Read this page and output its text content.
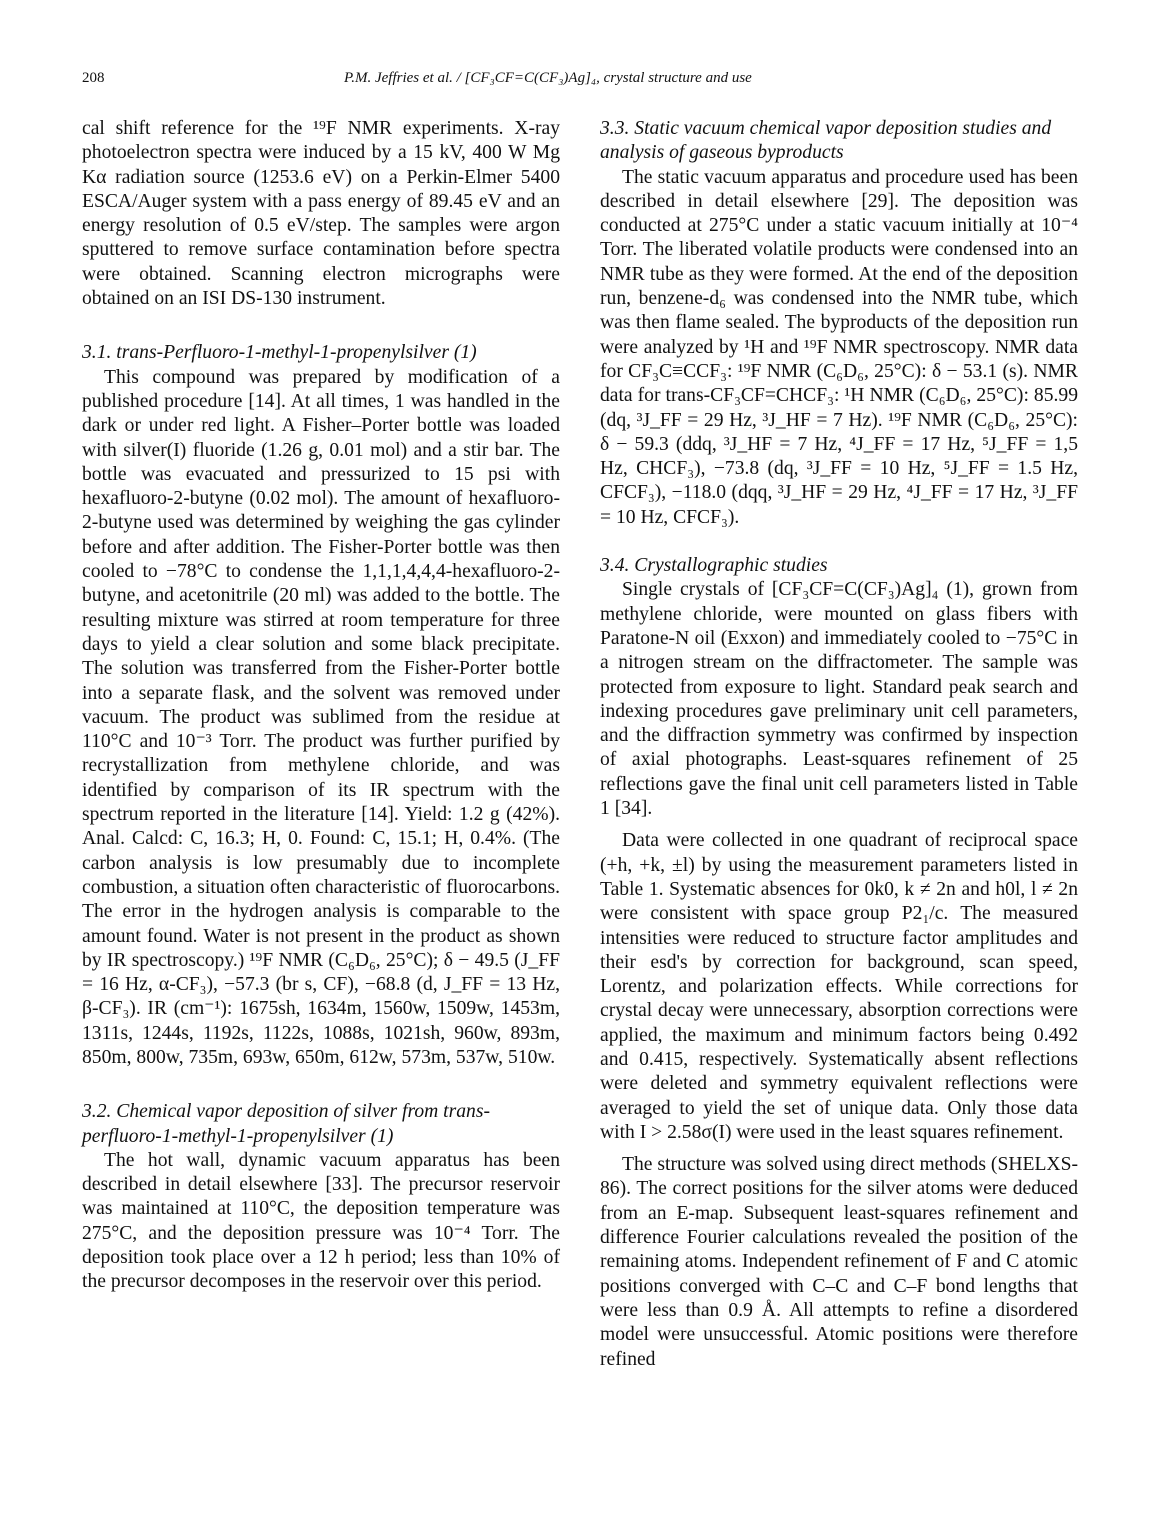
208	P.M. Jeffries et al. / [CF₃CF=C(CF₃)Ag]₄, crystal structure and use

cal shift reference for the ¹⁹F NMR experiments. X-ray photoelectron spectra were induced by a 15 kV, 400 W Mg Kα radiation source (1253.6 eV) on a Perkin-Elmer 5400 ESCA/Auger system with a pass energy of 89.45 eV and an energy resolution of 0.5 eV/step. The samples were argon sputtered to remove surface contamination before spectra were obtained. Scanning electron micrographs were obtained on an ISI DS-130 instrument.

3.1. trans-Perfluoro-1-methyl-1-propenylsilver (1)

This compound was prepared by modification of a published procedure [14]. At all times, 1 was handled in the dark or under red light. A Fisher–Porter bottle was loaded with silver(I) fluoride (1.26 g, 0.01 mol) and a stir bar. The bottle was evacuated and pressurized to 15 psi with hexafluoro-2-butyne (0.02 mol). The amount of hexafluoro-2-butyne used was determined by weighing the gas cylinder before and after addition. The Fisher-Porter bottle was then cooled to −78°C to condense the 1,1,1,4,4,4-hexafluoro-2-butyne, and acetonitrile (20 ml) was added to the bottle. The resulting mixture was stirred at room temperature for three days to yield a clear solution and some black precipitate. The solution was transferred from the Fisher-Porter bottle into a separate flask, and the solvent was removed under vacuum. The product was sublimed from the residue at 110°C and 10⁻³ Torr. The product was further purified by recrystallization from methylene chloride, and was identified by comparison of its IR spectrum with the spectrum reported in the literature [14]. Yield: 1.2 g (42%). Anal. Calcd: C, 16.3; H, 0. Found: C, 15.1; H, 0.4%. (The carbon analysis is low presumably due to incomplete combustion, a situation often characteristic of fluorocarbons. The error in the hydrogen analysis is comparable to the amount found. Water is not present in the product as shown by IR spectroscopy.) ¹⁹F NMR (C₆D₆, 25°C); δ − 49.5 (J_FF = 16 Hz, α-CF₃), −57.3 (br s, CF), −68.8 (d, J_FF = 13 Hz, β-CF₃). IR (cm⁻¹): 1675sh, 1634m, 1560w, 1509w, 1453m, 1311s, 1244s, 1192s, 1122s, 1088s, 1021sh, 960w, 893m, 850m, 800w, 735m, 693w, 650m, 612w, 573m, 537w, 510w.

3.2. Chemical vapor deposition of silver from trans-perfluoro-1-methyl-1-propenylsilver (1)

The hot wall, dynamic vacuum apparatus has been described in detail elsewhere [33]. The precursor reservoir was maintained at 110°C, the deposition temperature was 275°C, and the deposition pressure was 10⁻⁴ Torr. The deposition took place over a 12 h period; less than 10% of the precursor decomposes in the reservoir over this period.

3.3. Static vacuum chemical vapor deposition studies and analysis of gaseous byproducts

The static vacuum apparatus and procedure used has been described in detail elsewhere [29]. The deposition was conducted at 275°C under a static vacuum initially at 10⁻⁴ Torr. The liberated volatile products were condensed into an NMR tube as they were formed. At the end of the deposition run, benzene-d₆ was condensed into the NMR tube, which was then flame sealed. The byproducts of the deposition run were analyzed by ¹H and ¹⁹F NMR spectroscopy. NMR data for CF₃C≡CCF₃: ¹⁹F NMR (C₆D₆, 25°C): δ − 53.1 (s). NMR data for trans-CF₃CF=CHCF₃: ¹H NMR (C₆D₆, 25°C): 85.99 (dq, ³J_FF = 29 Hz, ³J_HF = 7 Hz). ¹⁹F NMR (C₆D₆, 25°C): δ − 59.3 (ddq, ³J_HF = 7 Hz, ⁴J_FF = 17 Hz, ⁵J_FF = 1,5 Hz, CHCF₃), −73.8 (dq, ³J_FF = 10 Hz, ⁵J_FF = 1.5 Hz, CFCF₃), −118.0 (dqq, ³J_HF = 29 Hz, ⁴J_FF = 17 Hz, ³J_FF = 10 Hz, CFCF₃).

3.4. Crystallographic studies

Single crystals of [CF₃CF=C(CF₃)Ag]₄ (1), grown from methylene chloride, were mounted on glass fibers with Paratone-N oil (Exxon) and immediately cooled to −75°C in a nitrogen stream on the diffractometer. The sample was protected from exposure to light. Standard peak search and indexing procedures gave preliminary unit cell parameters, and the diffraction symmetry was confirmed by inspection of axial photographs. Least-squares refinement of 25 reflections gave the final unit cell parameters listed in Table 1 [34].

Data were collected in one quadrant of reciprocal space (+h, +k, ±l) by using the measurement parameters listed in Table 1. Systematic absences for 0k0, k ≠ 2n and h0l, l ≠ 2n were consistent with space group P2₁/c. The measured intensities were reduced to structure factor amplitudes and their esd's by correction for background, scan speed, Lorentz, and polarization effects. While corrections for crystal decay were unnecessary, absorption corrections were applied, the maximum and minimum factors being 0.492 and 0.415, respectively. Systematically absent reflections were deleted and symmetry equivalent reflections were averaged to yield the set of unique data. Only those data with I > 2.58σ(I) were used in the least squares refinement.

The structure was solved using direct methods (SHELXS-86). The correct positions for the silver atoms were deduced from an E-map. Subsequent least-squares refinement and difference Fourier calculations revealed the position of the remaining atoms. Independent refinement of F and C atomic positions converged with C–C and C–F bond lengths that were less than 0.9 Å. All attempts to refine a disordered model were unsuccessful. Atomic positions were therefore refined
